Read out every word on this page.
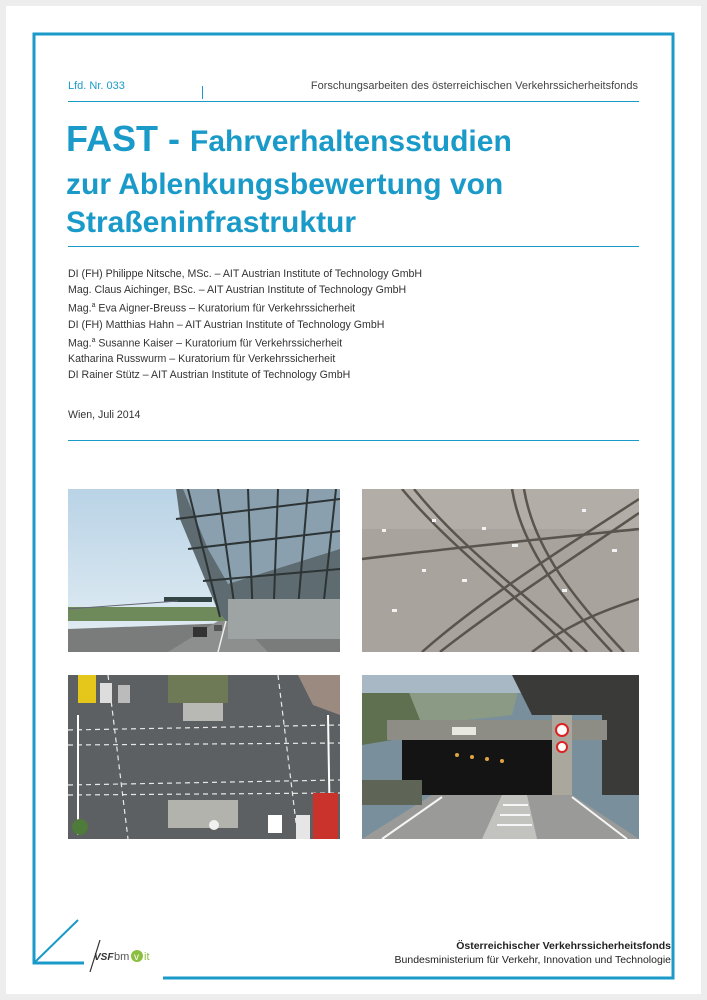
Lfd. Nr. 033	Forschungsarbeiten des österreichischen Verkehrssicherheitsfonds
FAST - Fahrverhaltensstudien
zur Ablenkungsbewertung von
Straßeninfrastruktur
DI (FH) Philippe Nitsche, MSc. – AIT Austrian Institute of Technology GmbH
Mag. Claus Aichinger, BSc. – AIT Austrian Institute of Technology GmbH
Mag.$^a$ Eva Aigner-Breuss – Kuratorium für Verkehrssicherheit
DI (FH) Matthias Hahn – AIT Austrian Institute of Technology GmbH
Mag.$^a$ Susanne Kaiser – Kuratorium für Verkehrssicherheit
Katharina Russwurm – Kuratorium für Verkehrssicherheit
DI Rainer Stütz – AIT Austrian Institute of Technology GmbH
Wien, Juli 2014
VSF bm v it
Österreichischer Verkehrssicherheitsfonds
Bundesministerium für Verkehr, Innovation und Technologie
